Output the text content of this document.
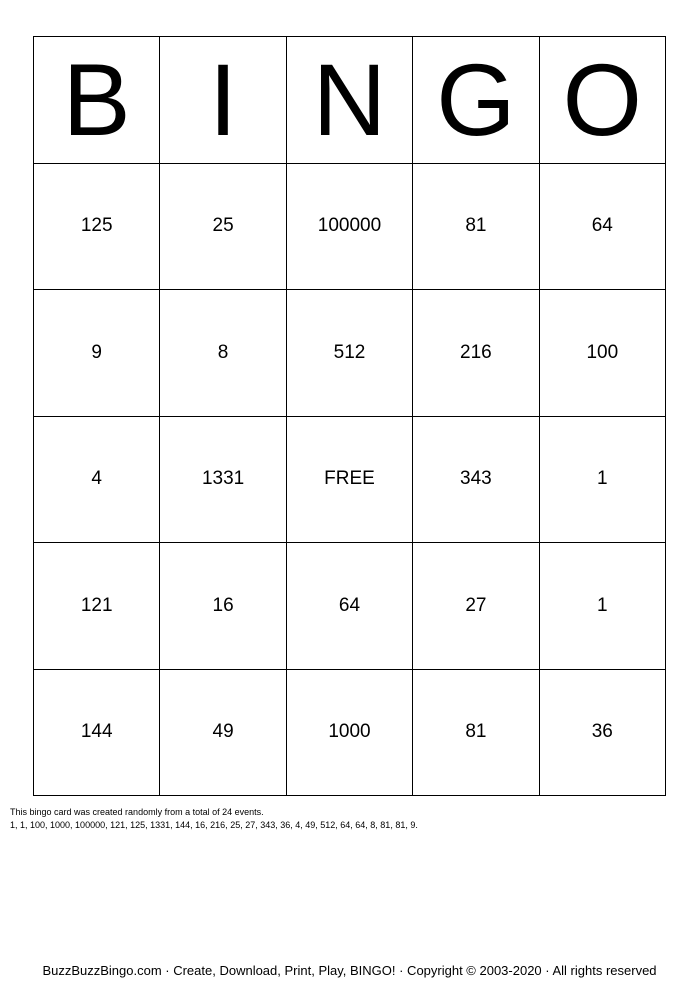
B I N G O
125	25	100000	81	64
9	8	512	216	100
4	1331	FREE	343	1
121	16	64	27	1
144	49	1000	81	36
This bingo card was created randomly from a total of 24 events.
1, 1, 100, 1000, 100000, 121, 125, 1331, 144, 16, 216, 25, 27, 343, 36, 4, 49, 512, 64, 64, 8, 81, 81, 9.
BuzzBuzzBingo.com · Create, Download, Print, Play, BINGO! · Copyright © 2003-2020 · All rights reserved
